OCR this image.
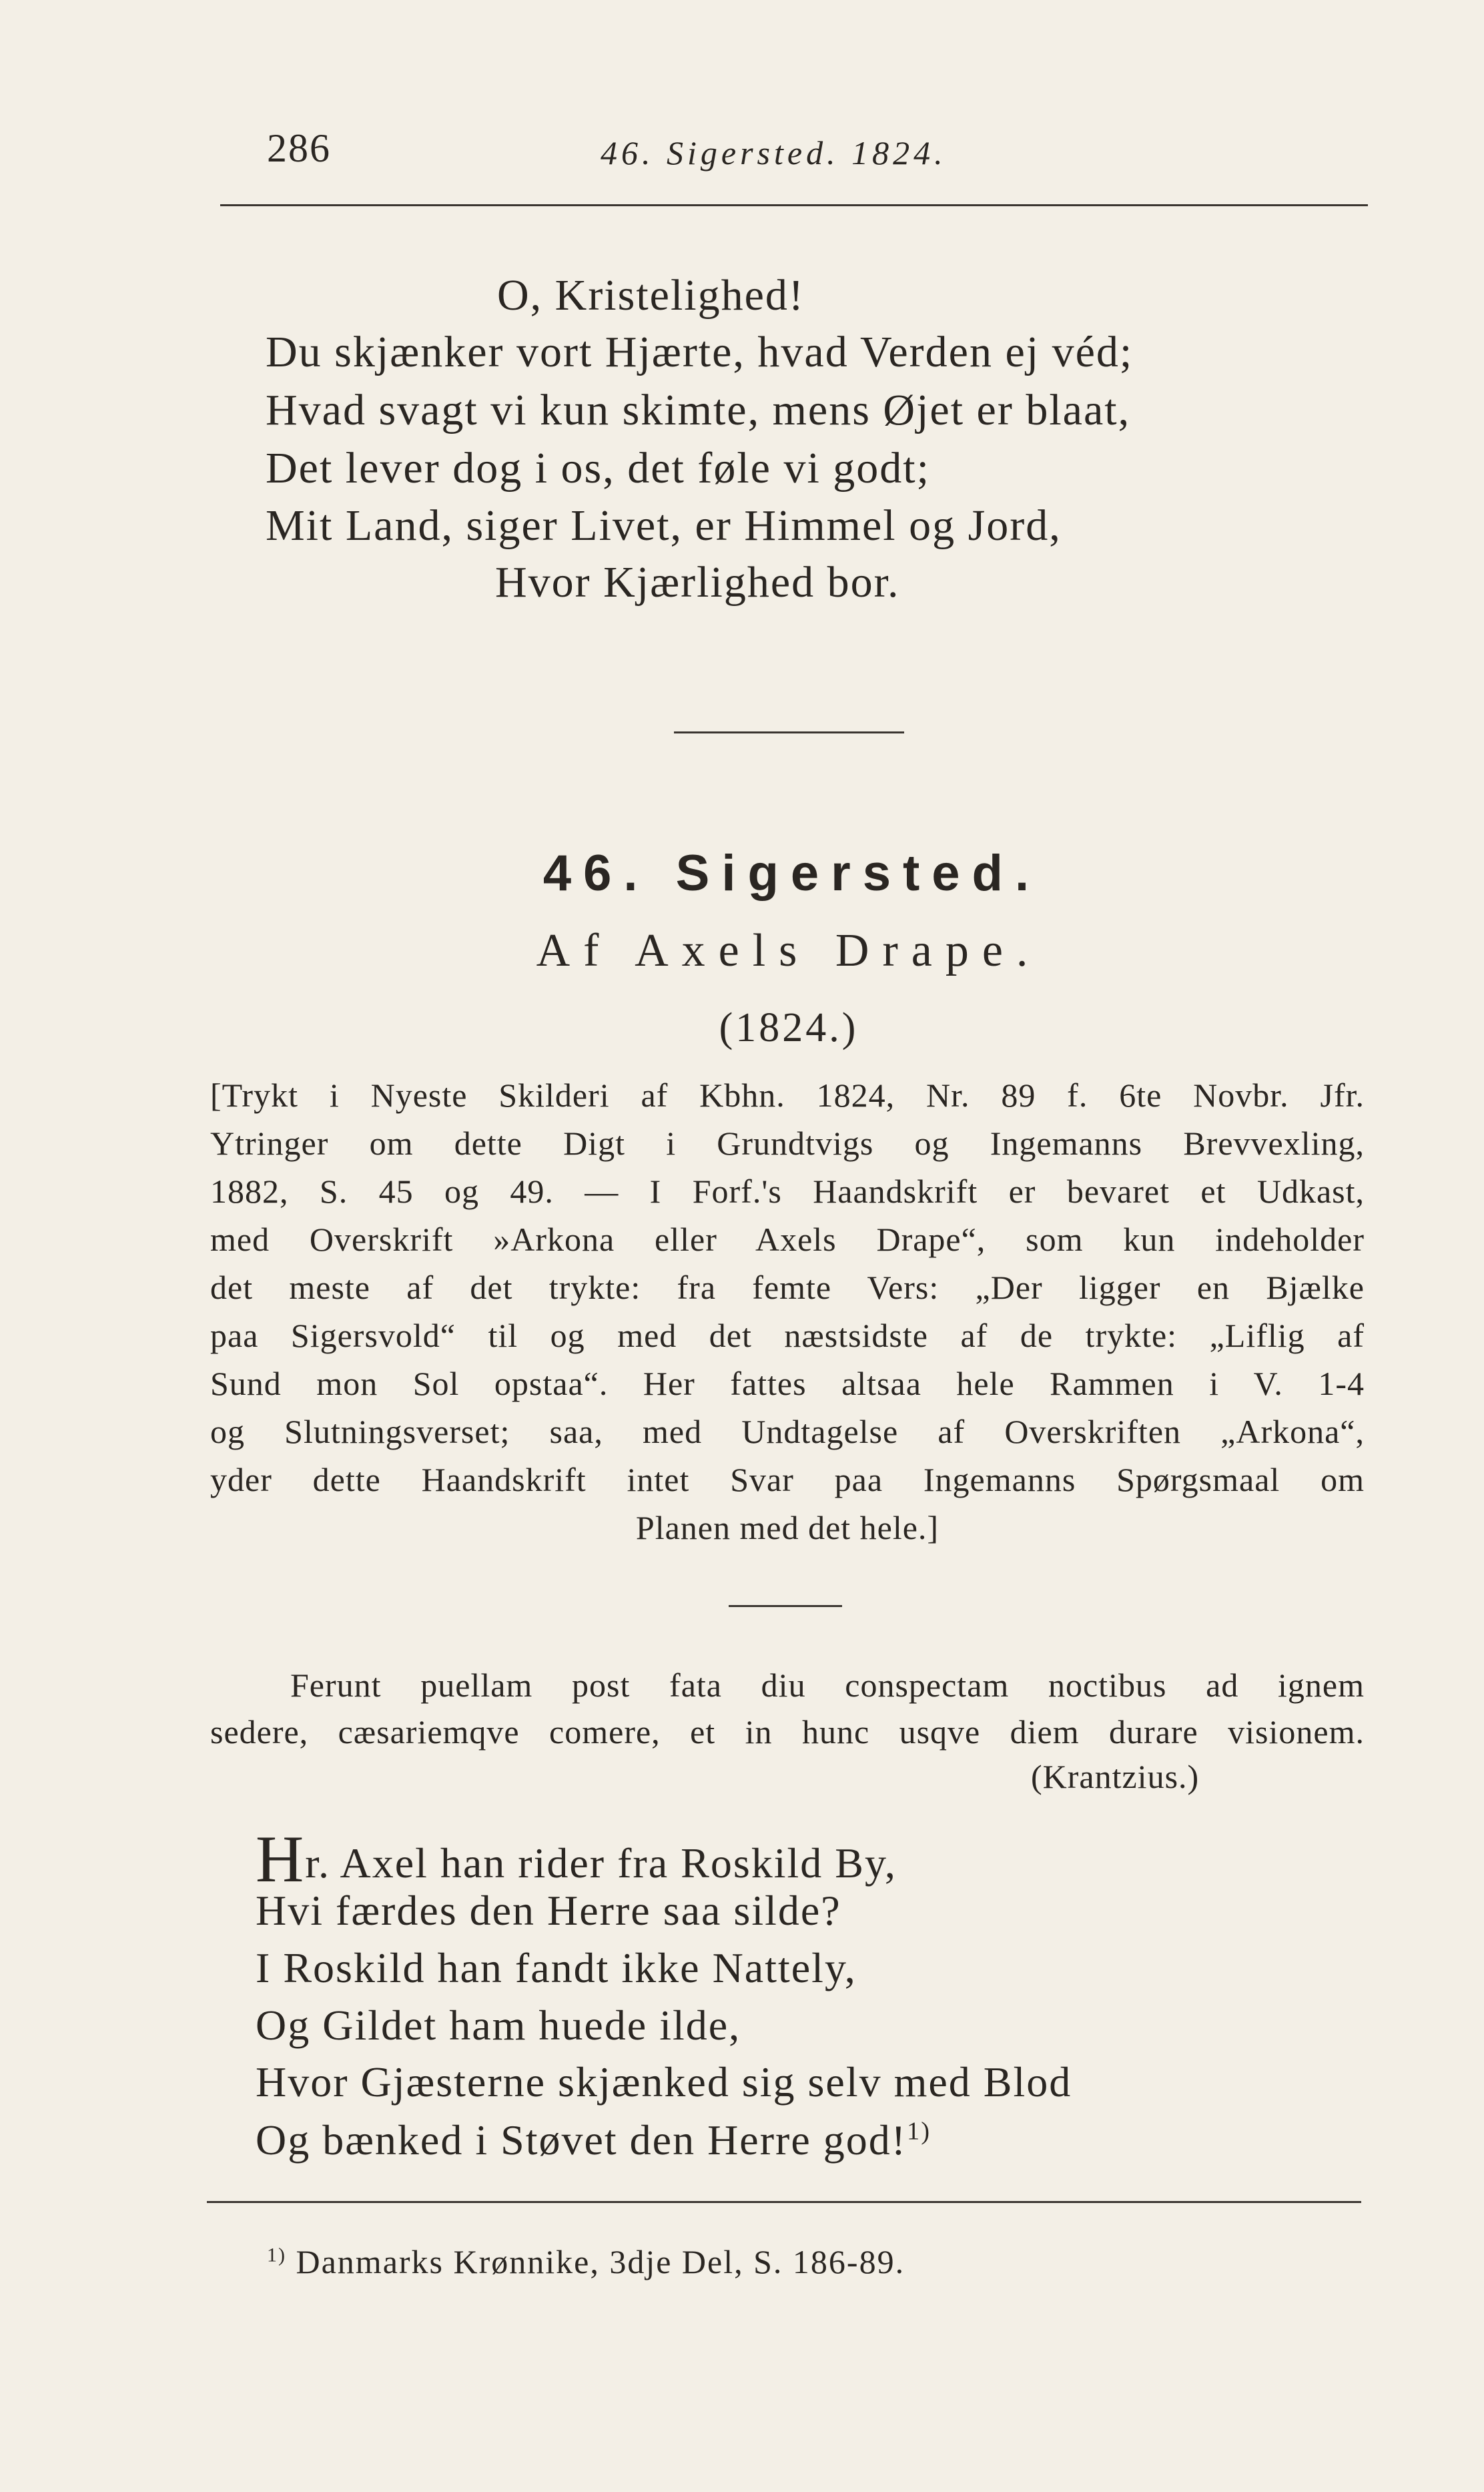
286	46. Sigersted. 1824.
O, Kristelighed!
Du skjænker vort Hjærte, hvad Verden ej véd;
Hvad svagt vi kun skimte, mens Øjet er blaat,
Det lever dog i os, det føle vi godt;
Mit Land, siger Livet, er Himmel og Jord,
Hvor Kjærlighed bor.
46. Sigersted.
Af Axels Drape.
(1824.)
[Trykt i Nyeste Skilderi af Kbhn. 1824, Nr. 89 f. 6te Novbr. Jfr.
Ytringer om dette Digt i Grundtvigs og Ingemanns Brevvexling,
1882, S. 45 og 49. — I Forf.'s Haandskrift er bevaret et Udkast,
med Overskrift »Arkona eller Axels Drape“, som kun indeholder
det meste af det trykte: fra femte Vers: „Der ligger en Bjælke
paa Sigersvold“ til og med det næstsidste af de trykte: „Liflig af
Sund mon Sol opstaa“. Her fattes altsaa hele Rammen i V. 1-4
og Slutningsverset; saa, med Undtagelse af Overskriften „Arkona“,
yder dette Haandskrift intet Svar paa Ingemanns Spørgsmaal om
Planen med det hele.]
Ferunt puellam post fata diu conspectam noctibus ad ignem
sedere, cæsariemqve comere, et in hunc usqve diem durare visionem.
(Krantzius.)
Hr. Axel han rider fra Roskild By,
Hvi færdes den Herre saa silde?
I Roskild han fandt ikke Nattely,
Og Gildet ham huede ilde,
Hvor Gjæsterne skjænked sig selv med Blod
Og bænked i Støvet den Herre god!$^{1)}$
$^{1)}$ Danmarks Krønnike, 3dje Del, S. 186-89.
